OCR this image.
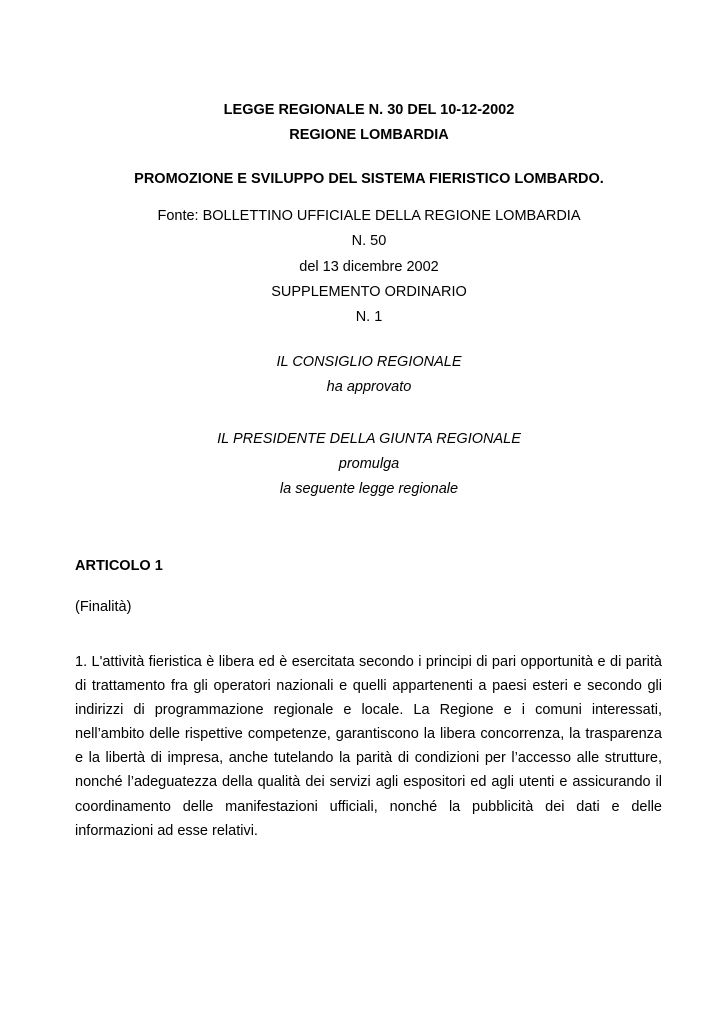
LEGGE REGIONALE N. 30 DEL 10-12-2002
REGIONE LOMBARDIA
PROMOZIONE E SVILUPPO DEL SISTEMA FIERISTICO LOMBARDO.
Fonte: BOLLETTINO UFFICIALE DELLA REGIONE LOMBARDIA
N. 50
del 13 dicembre 2002
SUPPLEMENTO ORDINARIO
N. 1
IL CONSIGLIO REGIONALE
ha approvato
IL PRESIDENTE DELLA GIUNTA REGIONALE
promulga
la seguente legge regionale
ARTICOLO 1
(Finalità)
1. L'attività fieristica è libera ed è esercitata secondo i principi di pari opportunità e di parità di trattamento fra gli operatori nazionali e quelli appartenenti a paesi esteri e secondo gli indirizzi di programmazione regionale e locale. La Regione e i comuni interessati, nell’ambito delle rispettive competenze, garantiscono la libera concorrenza, la trasparenza e la libertà di impresa, anche tutelando la parità di condizioni per l’accesso alle strutture, nonché l’adeguatezza della qualità dei servizi agli espositori ed agli utenti e assicurando il coordinamento delle manifestazioni ufficiali, nonché la pubblicità dei dati e delle informazioni ad esse relativi.
